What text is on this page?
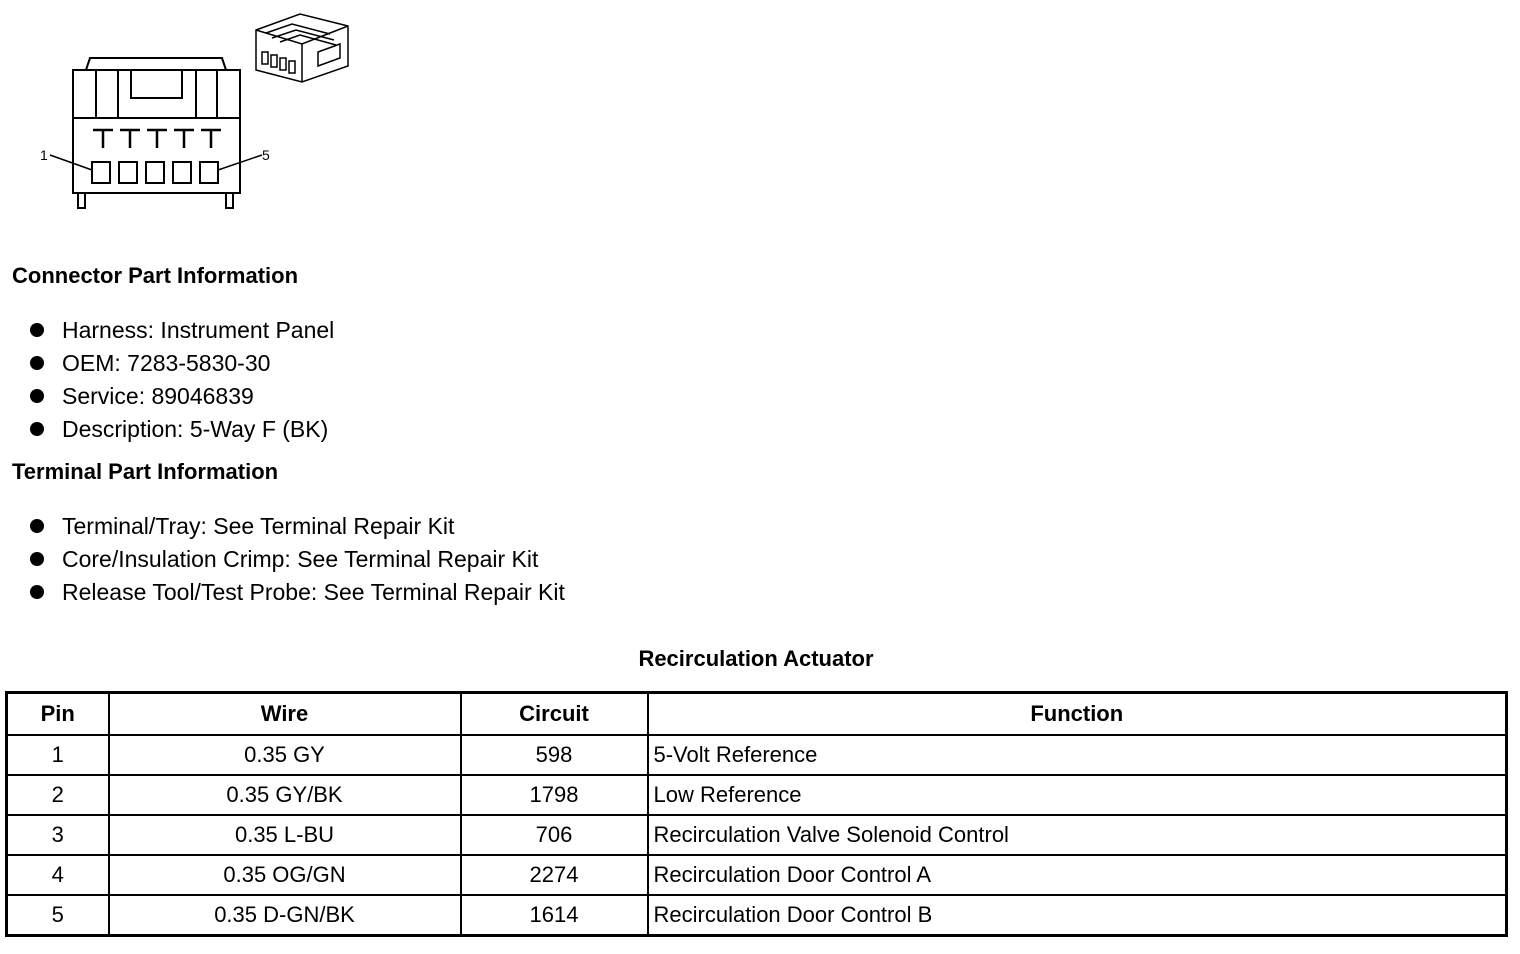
1	5
Connector Part Information
Harness: Instrument Panel
OEM: 7283-5830-30
Service: 89046839
Description: 5-Way F (BK)
Terminal Part Information
Terminal/Tray: See Terminal Repair Kit
Core/Insulation Crimp: See Terminal Repair Kit
Release Tool/Test Probe: See Terminal Repair Kit
Recirculation Actuator
Pin	Wire	Circuit	Function
1	0.35 GY	598	5-Volt Reference
2	0.35 GY/BK	1798	Low Reference
3	0.35 L-BU	706	Recirculation Valve Solenoid Control
4	0.35 OG/GN	2274	Recirculation Door Control A
5	0.35 D-GN/BK	1614	Recirculation Door Control B
